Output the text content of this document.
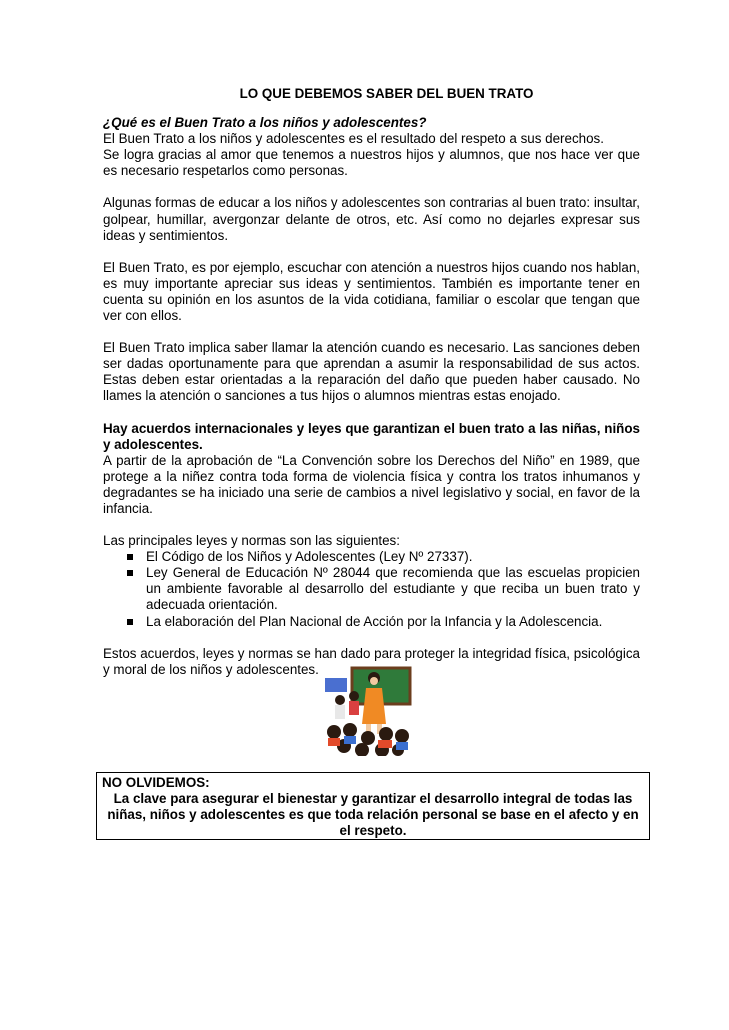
LO QUE DEBEMOS SABER DEL BUEN TRATO

¿Qué es el Buen Trato a los niños y adolescentes?

El Buen Trato a los niños y adolescentes es el resultado del respeto a sus derechos.

Se logra gracias al amor que tenemos a nuestros hijos y alumnos, que nos hace ver que es necesario respetarlos como personas.

Algunas formas de educar a los niños y adolescentes son contrarias al buen trato: insultar, golpear, humillar, avergonzar delante de otros, etc. Así como no dejarles expresar sus ideas y sentimientos.

El Buen Trato, es por ejemplo, escuchar con atención a nuestros hijos cuando nos hablan, es muy importante apreciar sus ideas y sentimientos. También es importante tener en cuenta su opinión en los asuntos de la vida cotidiana, familiar o escolar que tengan que ver con ellos.

El Buen Trato implica saber llamar la atención cuando es necesario. Las sanciones deben ser dadas oportunamente para que aprendan a asumir la responsabilidad de sus actos. Estas deben estar orientadas a la reparación del daño que pueden haber causado. No llames la atención o sanciones a tus hijos o alumnos mientras estas enojado.

Hay acuerdos internacionales y leyes que garantizan el buen trato a las niñas, niños y adolescentes.

A partir de la aprobación de “La Convención sobre los Derechos del Niño” en 1989, que protege a la niñez contra toda forma de violencia física y contra los tratos inhumanos y degradantes se ha iniciado una serie de cambios a nivel legislativo y social, en favor de la infancia.

Las principales leyes y normas son las siguientes:

El Código de los Niños y Adolescentes (Ley Nº 27337).
Ley General de Educación Nº 28044 que recomienda que las escuelas propicien un ambiente favorable al desarrollo del estudiante y que reciba un buen trato y adecuada orientación.
La elaboración del Plan Nacional de Acción por la Infancia y la Adolescencia.

Estos acuerdos, leyes y normas se han dado para proteger la integridad física, psicológica y moral de los niños y adolescentes.

NO OLVIDEMOS:
La clave para asegurar el bienestar y garantizar el desarrollo integral de todas las niñas, niños y adolescentes es que toda relación personal se base en el afecto y en el respeto.
